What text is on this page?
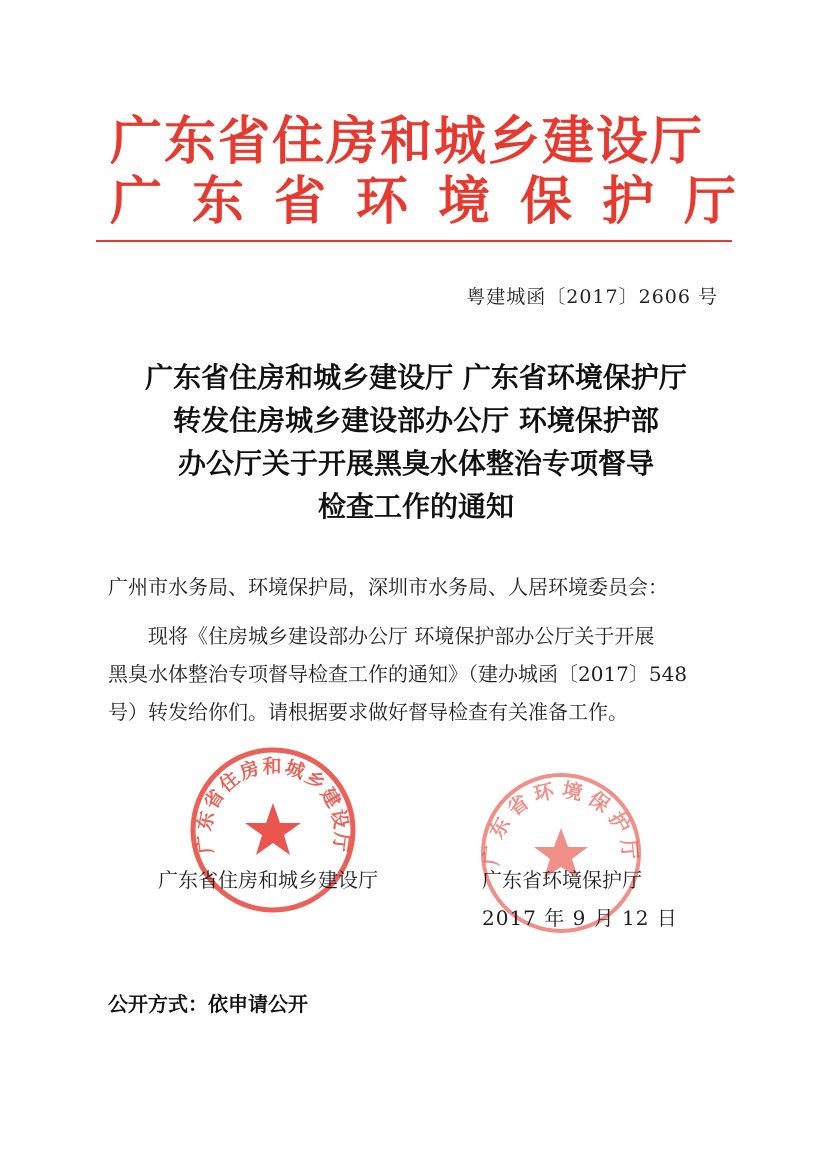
广东省住房和城乡建设厅
广东省环境保护厅
粤建城函〔2017〕2606 号
广东省住房和城乡建设厅 广东省环境保护厅
转发住房城乡建设部办公厅 环境保护部
办公厅关于开展黑臭水体整治专项督导
检查工作的通知
广州市水务局、环境保护局，深圳市水务局、人居环境委员会：
现将《住房城乡建设部办公厅 环境保护部办公厅关于开展
黑臭水体整治专项督导检查工作的通知》（建办城函〔2017〕548
号）转发给你们。请根据要求做好督导检查有关准备工作。
广东省住房和城乡建设厅	广东省环境保护厅
广东省住房和城乡建设厅	广东省环境保护厅
2017 年 9 月 12 日
公开方式：依申请公开
